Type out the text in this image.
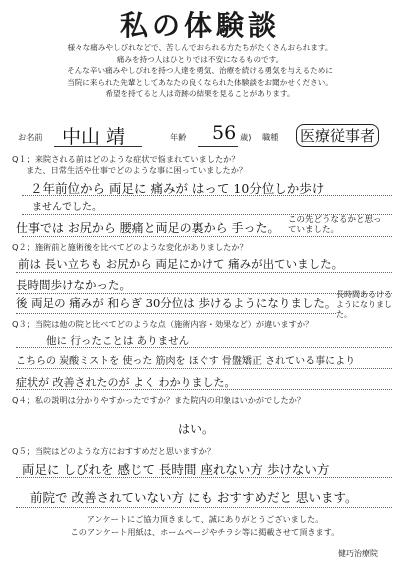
私の体験談
様々な痛みやしびれなどで、苦しんでおられる方たちがたくさんおられます。
痛みを持つ人はひとりでは不安になるものです。
そんな辛い痛みやしびれを持つ人達を勇気、治療を続ける勇気を与えるために
当院に来られた先輩としてあなたの良くなられた体験談をお聞かせください。
希望を持てると人は奇跡の結果を見ることがあります。
お名前 中山 靖	年齢 56 歳) 職種 医療従事者
Q１；来院される前はどのような症状で悩まれていましたか？
また、日常生活や仕事でどのような事に困っていましたか？
２年前位から 両足に 痛みが はって 10分位しか歩け
ませんでした。
仕事では お尻から 腰痛と両足の裏から 手った。
この先どうなるかと思っていました。
Q２；施術前と施術後を比べてどのような変化がありましたか？
前は 長い立ちも お尻から 両足にかけて 痛みが出ていました。
長時間歩けなかった。
後 両足の 痛みが 和らぎ 30分位は 歩けるようになりました。
長時間あるけるようになりました。
Q３；当院は他の院と比べてどのような点（施術内容・効果など）が違いますか？
他に 行ったことは ありません
こちらの 炭酸ミストを 使った 筋肉を ほぐす 骨盤矯正 されている事により
症状が 改善されたのが よく わかりました。
Q４；私の説明は分かりやすかったですか？また院内の印象はいかがでしたか？
はい。
Q５；当院はどのような方におすすめだと思いますか？
両足に しびれを 感じて 長時間 座れない方 歩けない方
前院で 改善されていない方 にも おすすめだと 思います。
アンケートにご協力頂きまして、誠にありがとうございました。
このアンケート用紙は、ホームページやチラシ等に掲載させて頂きます。
健巧治療院
